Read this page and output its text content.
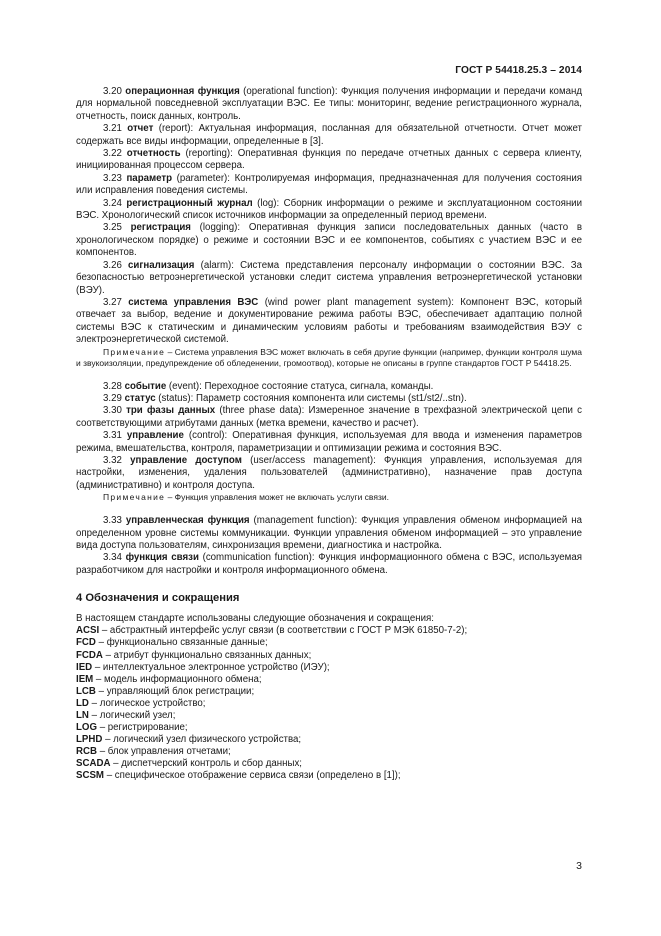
ГОСТ Р 54418.25.3 – 2014

3.20 операционная функция (operational function): Функция получения информации и передачи команд для нормальной повседневной эксплуатации ВЭС. Ее типы: мониторинг, ведение регистрационного журнала, отчетность, поиск данных, контроль.

3.21 отчет (report): Актуальная информация, посланная для обязательной отчетности. Отчет может содержать все виды информации, определенные в [3].

3.22 отчетность (reporting): Оперативная функция по передаче отчетных данных с сервера клиенту, инициированная процессом сервера.

3.23 параметр (parameter): Контролируемая информация, предназначенная для получения состояния или исправления поведения системы.

3.24 регистрационный журнал (log): Сборник информации о режиме и эксплуатационном состоянии ВЭС. Хронологический список источников информации за определенный период времени.

3.25 регистрация (logging): Оперативная функция записи последовательных данных (часто в хронологическом порядке) о режиме и состоянии ВЭС и ее компонентов, событиях с участием ВЭС и ее компонентов.

3.26 сигнализация (alarm): Система представления персоналу информации о состоянии ВЭС. За безопасностью ветроэнергетической установки следит система управления ветроэнергетической установки (ВЭУ).

3.27 система управления ВЭС (wind power plant management system): Компонент ВЭС, который отвечает за выбор, ведение и документирование режима работы ВЭС, обеспечивает адаптацию полной системы ВЭС к статическим и динамическим условиям работы и требованиям взаимодействия ВЭУ с электроэнергетической системой.

Примечание – Система управления ВЭС может включать в себя другие функции (например, функции контроля шума и звукоизоляции, предупреждение об обледенении, громоотвод), которые не описаны в группе стандартов ГОСТ Р 54418.25.

3.28 событие (event): Переходное состояние статуса, сигнала, команды.

3.29 статус (status): Параметр состояния компонента или системы (st1/st2/..stn).

3.30 три фазы данных (three phase data): Измеренное значение в трехфазной электрической цепи с соответствующими атрибутами данных (метка времени, качество и расчет).

3.31 управление (control): Оперативная функция, используемая для ввода и изменения параметров режима, вмешательства, контроля, параметризации и оптимизации режима и состояния ВЭС.

3.32 управление доступом (user/access management): Функция управления, используемая для настройки, изменения, удаления пользователей (административно), назначение прав доступа (административно) и контроля доступа.

Примечание – Функция управления может не включать услуги связи.

3.33 управленческая функция (management function): Функция управления обменом информацией на определенном уровне системы коммуникации. Функции управления обменом информацией – это управление вида доступа пользователям, синхронизация времени, диагностика и настройка.

3.34 функция связи (communication function): Функция информационного обмена с ВЭС, используемая разработчиком для настройки и контроля информационного обмена.

4 Обозначения и сокращения

В настоящем стандарте использованы следующие обозначения и сокращения:

ACSI – абстрактный интерфейс услуг связи (в соответствии с ГОСТ Р МЭК 61850-7-2);
FCD – функционально связанные данные;
FCDA – атрибут функционально связанных данных;
IED – интеллектуальное электронное устройство (ИЭУ);
IEM – модель информационного обмена;
LCB – управляющий блок регистрации;
LD – логическое устройство;
LN – логический узел;
LOG – регистрирование;
LPHD – логический узел физического устройства;
RCB – блок управления отчетами;
SCADA – диспетчерский контроль и сбор данных;
SCSM – специфическое отображение сервиса связи (определено в [1]);
3
